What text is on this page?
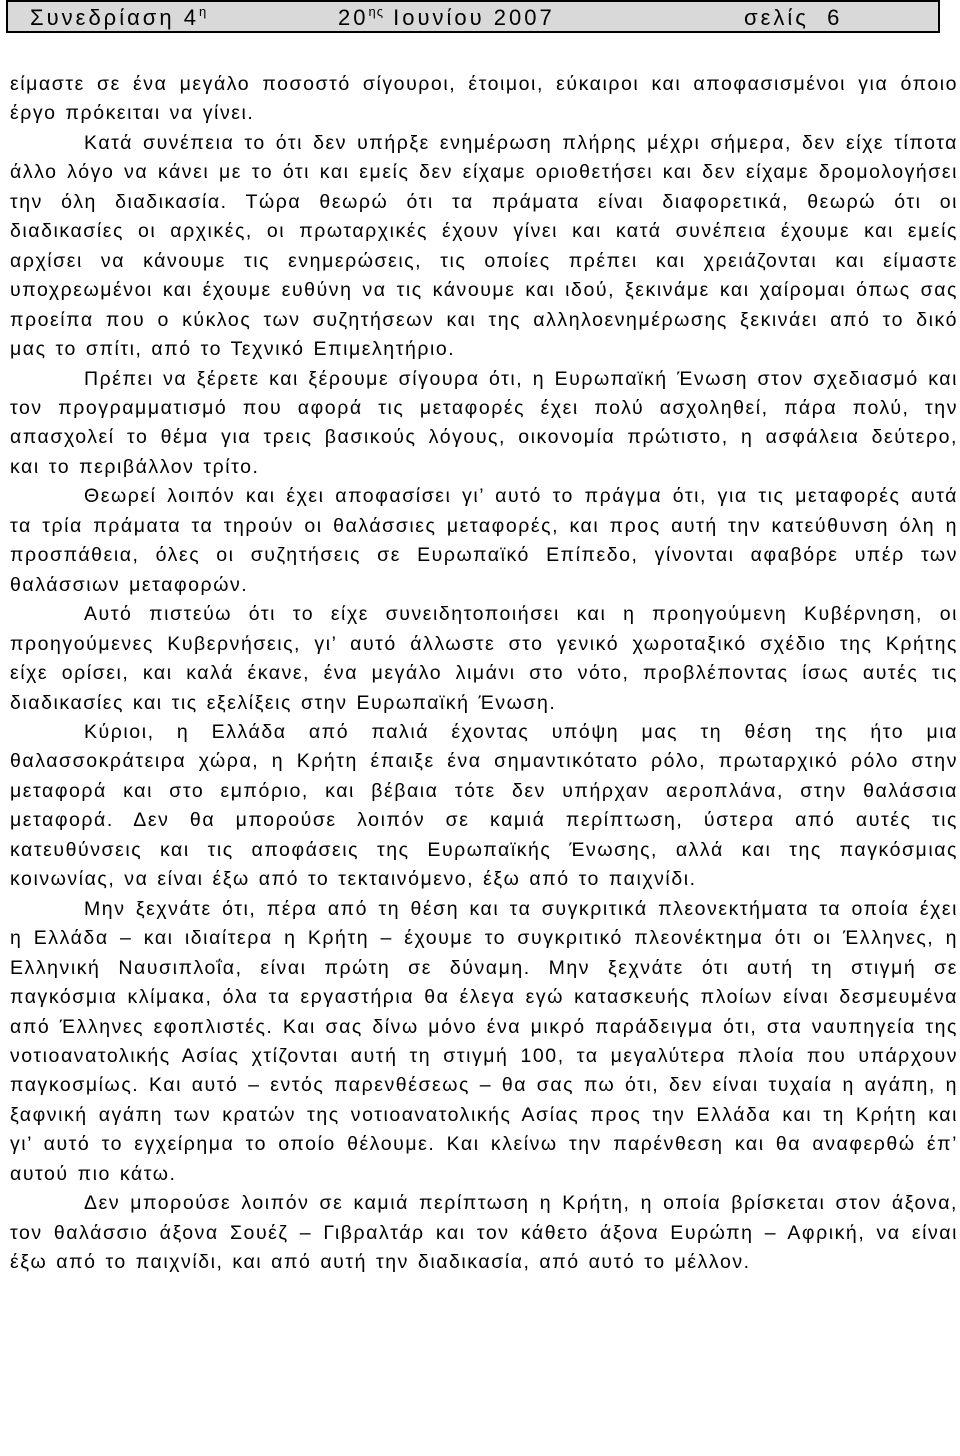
Συνεδρίαση $4^\eta$	$20^{\eta\varsigma}$ Ιουνίου 2007	σελίς  6

είμαστε σε ένα μεγάλο ποσοστό σίγουροι, έτοιμοι, εύκαιροι και αποφασισμένοι για όποιο έργο πρόκειται να γίνει.

Κατά συνέπεια το ότι δεν υπήρξε ενημέρωση πλήρης μέχρι σήμερα, δεν είχε τίποτα άλλο λόγο να κάνει με το ότι και εμείς δεν είχαμε οριοθετήσει και δεν είχαμε δρομολογήσει την όλη διαδικασία. Τώρα θεωρώ ότι τα πράματα είναι διαφορετικά, θεωρώ ότι οι διαδικασίες οι αρχικές, οι πρωταρχικές έχουν γίνει και κατά συνέπεια έχουμε και εμείς αρχίσει να κάνουμε τις ενημερώσεις, τις οποίες πρέπει και χρειάζονται και είμαστε υποχρεωμένοι και έχουμε ευθύνη να τις κάνουμε και ιδού, ξεκινάμε και χαίρομαι όπως σας προείπα που ο κύκλος των συζητήσεων και της αλληλοενημέρωσης ξεκινάει από το δικό μας το σπίτι, από το Τεχνικό Επιμελητήριο.

Πρέπει να ξέρετε και ξέρουμε σίγουρα ότι, η Ευρωπαϊκή Ένωση στον σχεδιασμό και τον προγραμματισμό που αφορά τις μεταφορές έχει πολύ ασχοληθεί, πάρα πολύ, την απασχολεί το θέμα για τρεις βασικούς λόγους, οικονομία πρώτιστο, η ασφάλεια δεύτερο, και το περιβάλλον τρίτο.

Θεωρεί λοιπόν και έχει αποφασίσει γι’ αυτό το πράγμα ότι, για τις μεταφορές αυτά τα τρία πράματα τα τηρούν οι θαλάσσιες μεταφορές, και προς αυτή την κατεύθυνση όλη η προσπάθεια, όλες οι συζητήσεις σε Ευρωπαϊκό Επίπεδο, γίνονται αφαβόρε υπέρ των θαλάσσιων μεταφορών.

Αυτό πιστεύω ότι το είχε συνειδητοποιήσει και η προηγούμενη Κυβέρνηση, οι προηγούμενες Κυβερνήσεις, γι’ αυτό άλλωστε στο γενικό χωροταξικό σχέδιο της Κρήτης είχε ορίσει, και καλά έκανε, ένα μεγάλο λιμάνι στο νότο, προβλέποντας ίσως αυτές τις διαδικασίες και τις εξελίξεις στην Ευρωπαϊκή Ένωση.

Κύριοι, η Ελλάδα από παλιά έχοντας υπόψη μας τη θέση της ήτο μια θαλασσοκράτειρα χώρα, η Κρήτη έπαιξε ένα σημαντικότατο ρόλο, πρωταρχικό ρόλο στην μεταφορά και στο εμπόριο, και βέβαια τότε δεν υπήρχαν αεροπλάνα, στην θαλάσσια μεταφορά. Δεν θα μπορούσε λοιπόν σε καμιά περίπτωση, ύστερα από αυτές τις κατευθύνσεις και τις αποφάσεις της Ευρωπαϊκής Ένωσης, αλλά και της παγκόσμιας κοινωνίας, να είναι έξω από το τεκταινόμενο, έξω από το παιχνίδι.

Μην ξεχνάτε ότι, πέρα από τη θέση και τα συγκριτικά πλεονεκτήματα τα οποία έχει η Ελλάδα – και ιδιαίτερα η Κρήτη – έχουμε το συγκριτικό πλεονέκτημα ότι οι Έλληνες, η Ελληνική Ναυσιπλοΐα, είναι πρώτη σε δύναμη. Μην ξεχνάτε ότι αυτή τη στιγμή σε παγκόσμια κλίμακα, όλα τα εργαστήρια θα έλεγα εγώ κατασκευής πλοίων είναι δεσμευμένα από Έλληνες εφοπλιστές. Και σας δίνω μόνο ένα μικρό παράδειγμα ότι, στα ναυπηγεία της νοτιοανατολικής Ασίας χτίζονται αυτή τη στιγμή 100, τα μεγαλύτερα πλοία που υπάρχουν παγκοσμίως. Και αυτό – εντός παρενθέσεως – θα σας πω ότι, δεν είναι τυχαία η αγάπη, η ξαφνική αγάπη των κρατών της νοτιοανατολικής Ασίας προς την Ελλάδα και τη Κρήτη και γι’ αυτό το εγχείρημα το οποίο θέλουμε. Και κλείνω την παρένθεση και θα αναφερθώ έπ’ αυτού πιο κάτω.

Δεν μπορούσε λοιπόν σε καμιά περίπτωση η Κρήτη, η οποία βρίσκεται στον άξονα, τον θαλάσσιο άξονα Σουέζ – Γιβραλτάρ και τον κάθετο άξονα Ευρώπη – Αφρική, να είναι έξω από το παιχνίδι, και από αυτή την διαδικασία, από αυτό το μέλλον.
